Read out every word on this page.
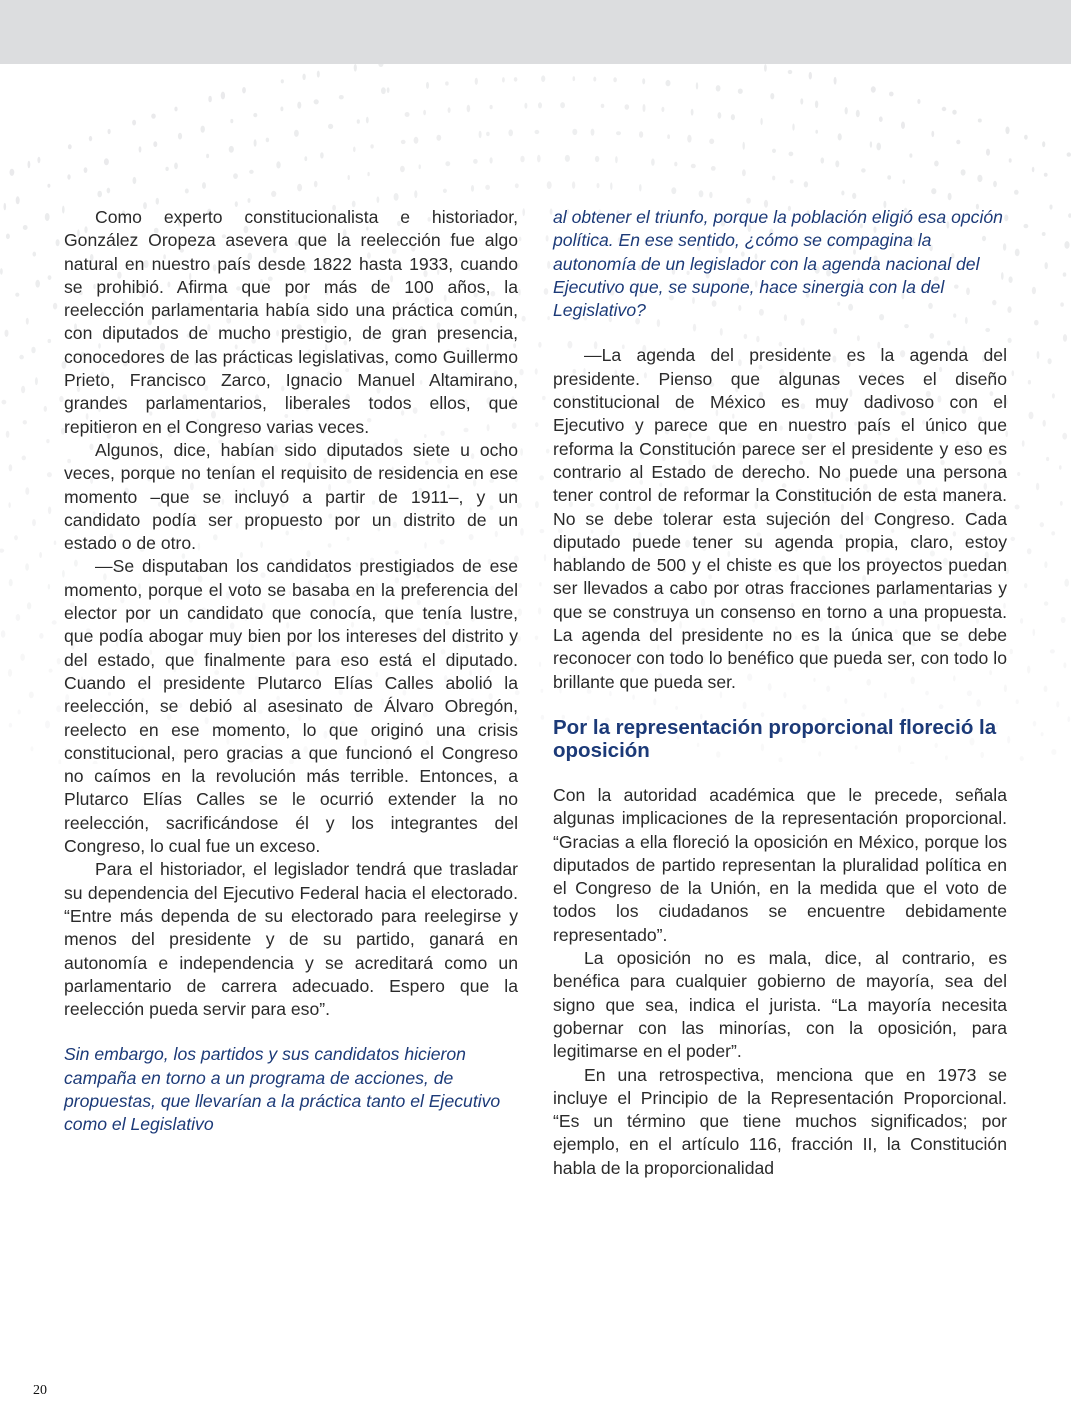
Como experto constitucionalista e historiador, González Oropeza asevera que la reelección fue algo natural en nuestro país desde 1822 hasta 1933, cuando se prohibió. Afirma que por más de 100 años, la reelección parlamentaria había sido una práctica común, con diputados de mucho prestigio, de gran presencia, conocedores de las prácticas legislativas, como Guillermo Prieto, Francisco Zarco, Ignacio Manuel Altamirano, grandes parlamentarios, liberales todos ellos, que repitieron en el Congreso varias veces.

Algunos, dice, habían sido diputados siete u ocho veces, porque no tenían el requisito de residencia en ese momento –que se incluyó a partir de 1911–, y un candidato podía ser propuesto por un distrito de un estado o de otro.

—Se disputaban los candidatos prestigiados de ese momento, porque el voto se basaba en la preferencia del elector por un candidato que conocía, que tenía lustre, que podía abogar muy bien por los intereses del distrito y del estado, que finalmente para eso está el diputado. Cuando el presidente Plutarco Elías Calles abolió la reelección, se debió al asesinato de Álvaro Obregón, reelecto en ese momento, lo que originó una crisis constitucional, pero gracias a que funcionó el Congreso no caímos en la revolución más terrible. Entonces, a Plutarco Elías Calles se le ocurrió extender la no reelección, sacrificándose él y los integrantes del Congreso, lo cual fue un exceso.

Para el historiador, el legislador tendrá que trasladar su dependencia del Ejecutivo Federal hacia el electorado. “Entre más dependa de su electorado para reelegirse y menos del presidente y de su partido, ganará en autonomía e independencia y se acreditará como un parlamentario de carrera adecuado. Espero que la reelección pueda servir para eso”.

Sin embargo, los partidos y sus candidatos hicieron campaña en torno a un programa de acciones, de propuestas, que llevarían a la práctica tanto el Ejecutivo como el Legislativo

al obtener el triunfo, porque la población eligió esa opción política. En ese sentido, ¿cómo se compagina la autonomía de un legislador con la agenda nacional del Ejecutivo que, se supone, hace sinergia con la del Legislativo?

—La agenda del presidente es la agenda del presidente. Pienso que algunas veces el diseño constitucional de México es muy dadivoso con el Ejecutivo y parece que en nuestro país el único que reforma la Constitución parece ser el presidente y eso es contrario al Estado de derecho. No puede una persona tener control de reformar la Constitución de esta manera. No se debe tolerar esta sujeción del Congreso. Cada diputado puede tener su agenda propia, claro, estoy hablando de 500 y el chiste es que los proyectos puedan ser llevados a cabo por otras fracciones parlamentarias y que se construya un consenso en torno a una propuesta. La agenda del presidente no es la única que se debe reconocer con todo lo benéfico que pueda ser, con todo lo brillante que pueda ser.

Por la representación proporcional floreció la oposición

Con la autoridad académica que le precede, señala algunas implicaciones de la representación proporcional. “Gracias a ella floreció la oposición en México, porque los diputados de partido representan la pluralidad política en el Congreso de la Unión, en la medida que el voto de todos los ciudadanos se encuentre debidamente representado”.

La oposición no es mala, dice, al contrario, es benéfica para cualquier gobierno de mayoría, sea del signo que sea, indica el jurista. “La mayoría necesita gobernar con las minorías, con la oposición, para legitimarse en el poder”.

En una retrospectiva, menciona que en 1973 se incluye el Principio de la Representación Proporcional. “Es un término que tiene muchos significados; por ejemplo, en el artículo 116, fracción II, la Constitución habla de la proporcionalidad

20
